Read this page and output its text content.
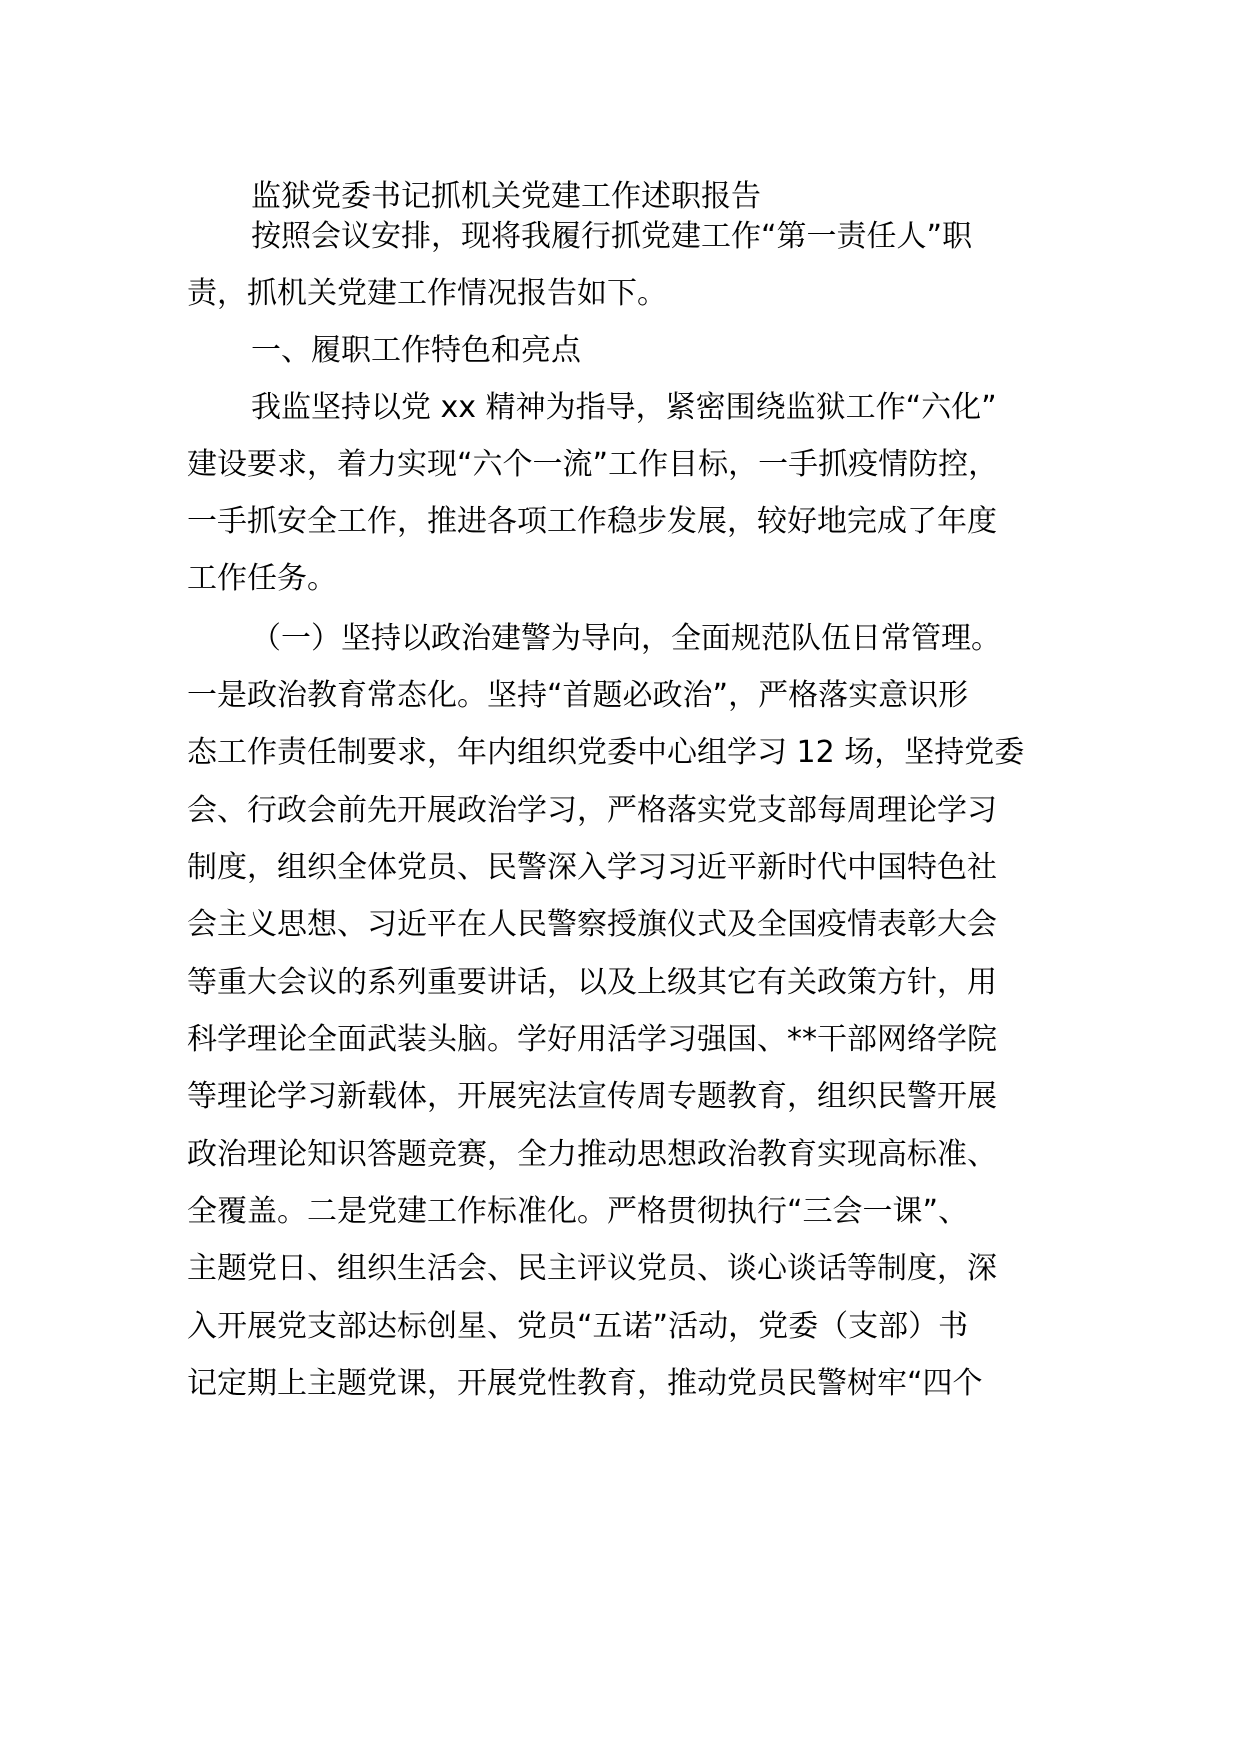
监狱党委书记抓机关党建工作述职报告
按照会议安排，现将我履行抓党建工作“第一责任人”职
责，抓机关党建工作情况报告如下。
一、履职工作特色和亮点
我监坚持以党 xx 精神为指导，紧密围绕监狱工作“六化”
建设要求，着力实现“六个一流”工作目标，一手抓疫情防控，
一手抓安全工作，推进各项工作稳步发展，较好地完成了年度
工作任务。
（一）坚持以政治建警为导向，全面规范队伍日常管理。
一是政治教育常态化。坚持“首题必政治”，严格落实意识形
态工作责任制要求，年内组织党委中心组学习 12 场，坚持党委
会、行政会前先开展政治学习，严格落实党支部每周理论学习
制度，组织全体党员、民警深入学习习近平新时代中国特色社
会主义思想、习近平在人民警察授旗仪式及全国疫情表彰大会
等重大会议的系列重要讲话，以及上级其它有关政策方针，用
科学理论全面武装头脑。学好用活学习强国、**干部网络学院
等理论学习新载体，开展宪法宣传周专题教育，组织民警开展
政治理论知识答题竞赛，全力推动思想政治教育实现高标准、
全覆盖。二是党建工作标准化。严格贯彻执行“三会一课”、
主题党日、组织生活会、民主评议党员、谈心谈话等制度，深
入开展党支部达标创星、党员“五诺”活动，党委（支部）书
记定期上主题党课，开展党性教育，推动党员民警树牢“四个
